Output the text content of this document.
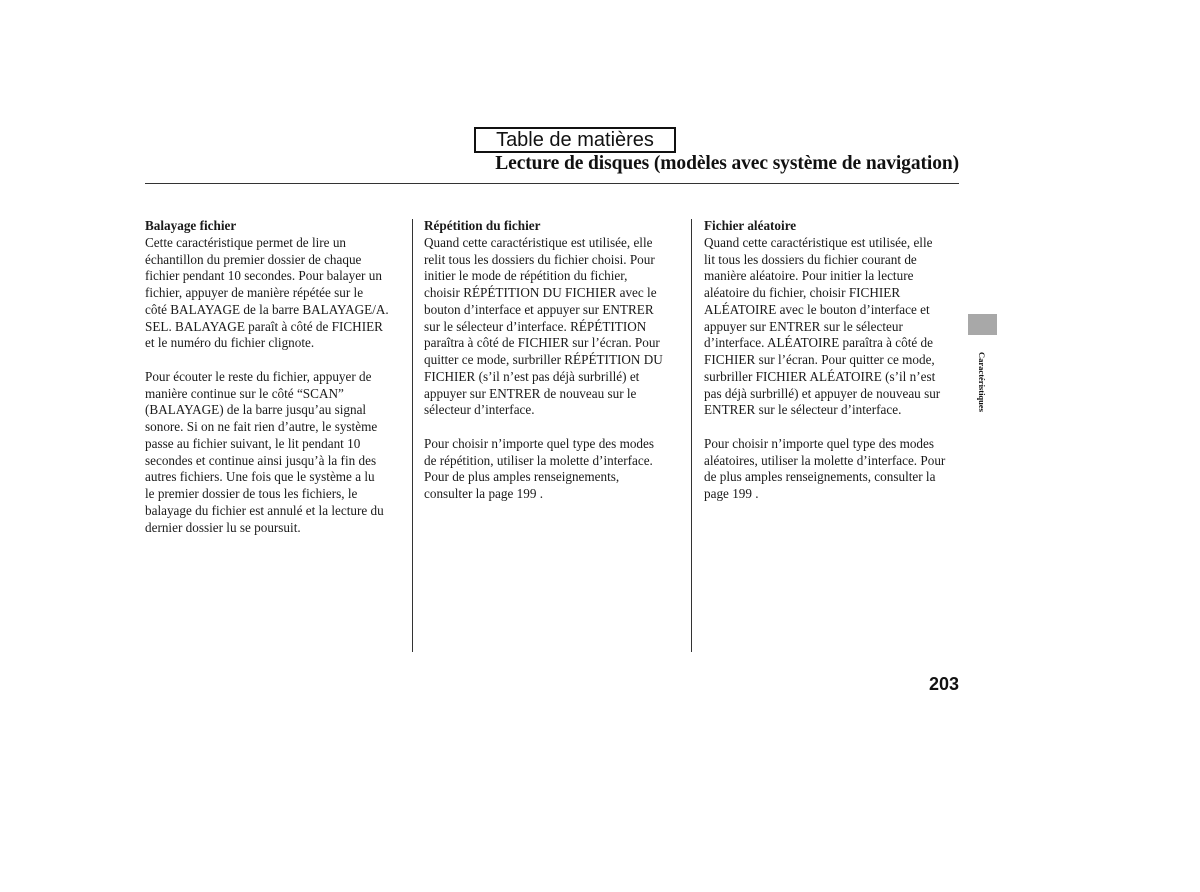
Table de matières
Lecture de disques (modèles avec système de navigation)
Balayage fichier
Cette caractéristique permet de lire un
échantillon du premier dossier de chaque
fichier pendant 10 secondes. Pour balayer un
fichier, appuyer de manière répétée sur le
côté BALAYAGE de la barre BALAYAGE/A.
SEL. BALAYAGE paraît à côté de FICHIER
et le numéro du fichier clignote.
Pour écouter le reste du fichier, appuyer de
manière continue sur le côté “SCAN”
(BALAYAGE) de la barre jusqu’au signal
sonore. Si on ne fait rien d’autre, le système
passe au fichier suivant, le lit pendant 10
secondes et continue ainsi jusqu’à la fin des
autres fichiers. Une fois que le système a lu
le premier dossier de tous les fichiers, le
balayage du fichier est annulé et la lecture du
dernier dossier lu se poursuit.
Répétition du fichier
Quand cette caractéristique est utilisée, elle
relit tous les dossiers du fichier choisi. Pour
initier le mode de répétition du fichier,
choisir RÉPÉTITION DU FICHIER avec le
bouton d’interface et appuyer sur ENTRER
sur le sélecteur d’interface. RÉPÉTITION
paraîtra à côté de FICHIER sur l’écran. Pour
quitter ce mode, surbriller RÉPÉTITION DU
FICHIER (s’il n’est pas déjà surbrillé) et
appuyer sur ENTRER de nouveau sur le
sélecteur d’interface.
Pour choisir n’importe quel type des modes
de répétition, utiliser la molette d’interface.
Pour de plus amples renseignements,
consulter la page 199 .
Fichier aléatoire
Quand cette caractéristique est utilisée, elle
lit tous les dossiers du fichier courant de
manière aléatoire. Pour initier la lecture
aléatoire du fichier, choisir FICHIER
ALÉATOIRE avec le bouton d’interface et
appuyer sur ENTRER sur le sélecteur
d’interface. ALÉATOIRE paraîtra à côté de
FICHIER sur l’écran. Pour quitter ce mode,
surbriller FICHIER ALÉATOIRE (s’il n’est
pas déjà surbrillé) et appuyer de nouveau sur
ENTRER sur le sélecteur d’interface.
Pour choisir n’importe quel type des modes
aléatoires, utiliser la molette d’interface. Pour
de plus amples renseignements, consulter la
page 199 .
Caractéristiques
203
